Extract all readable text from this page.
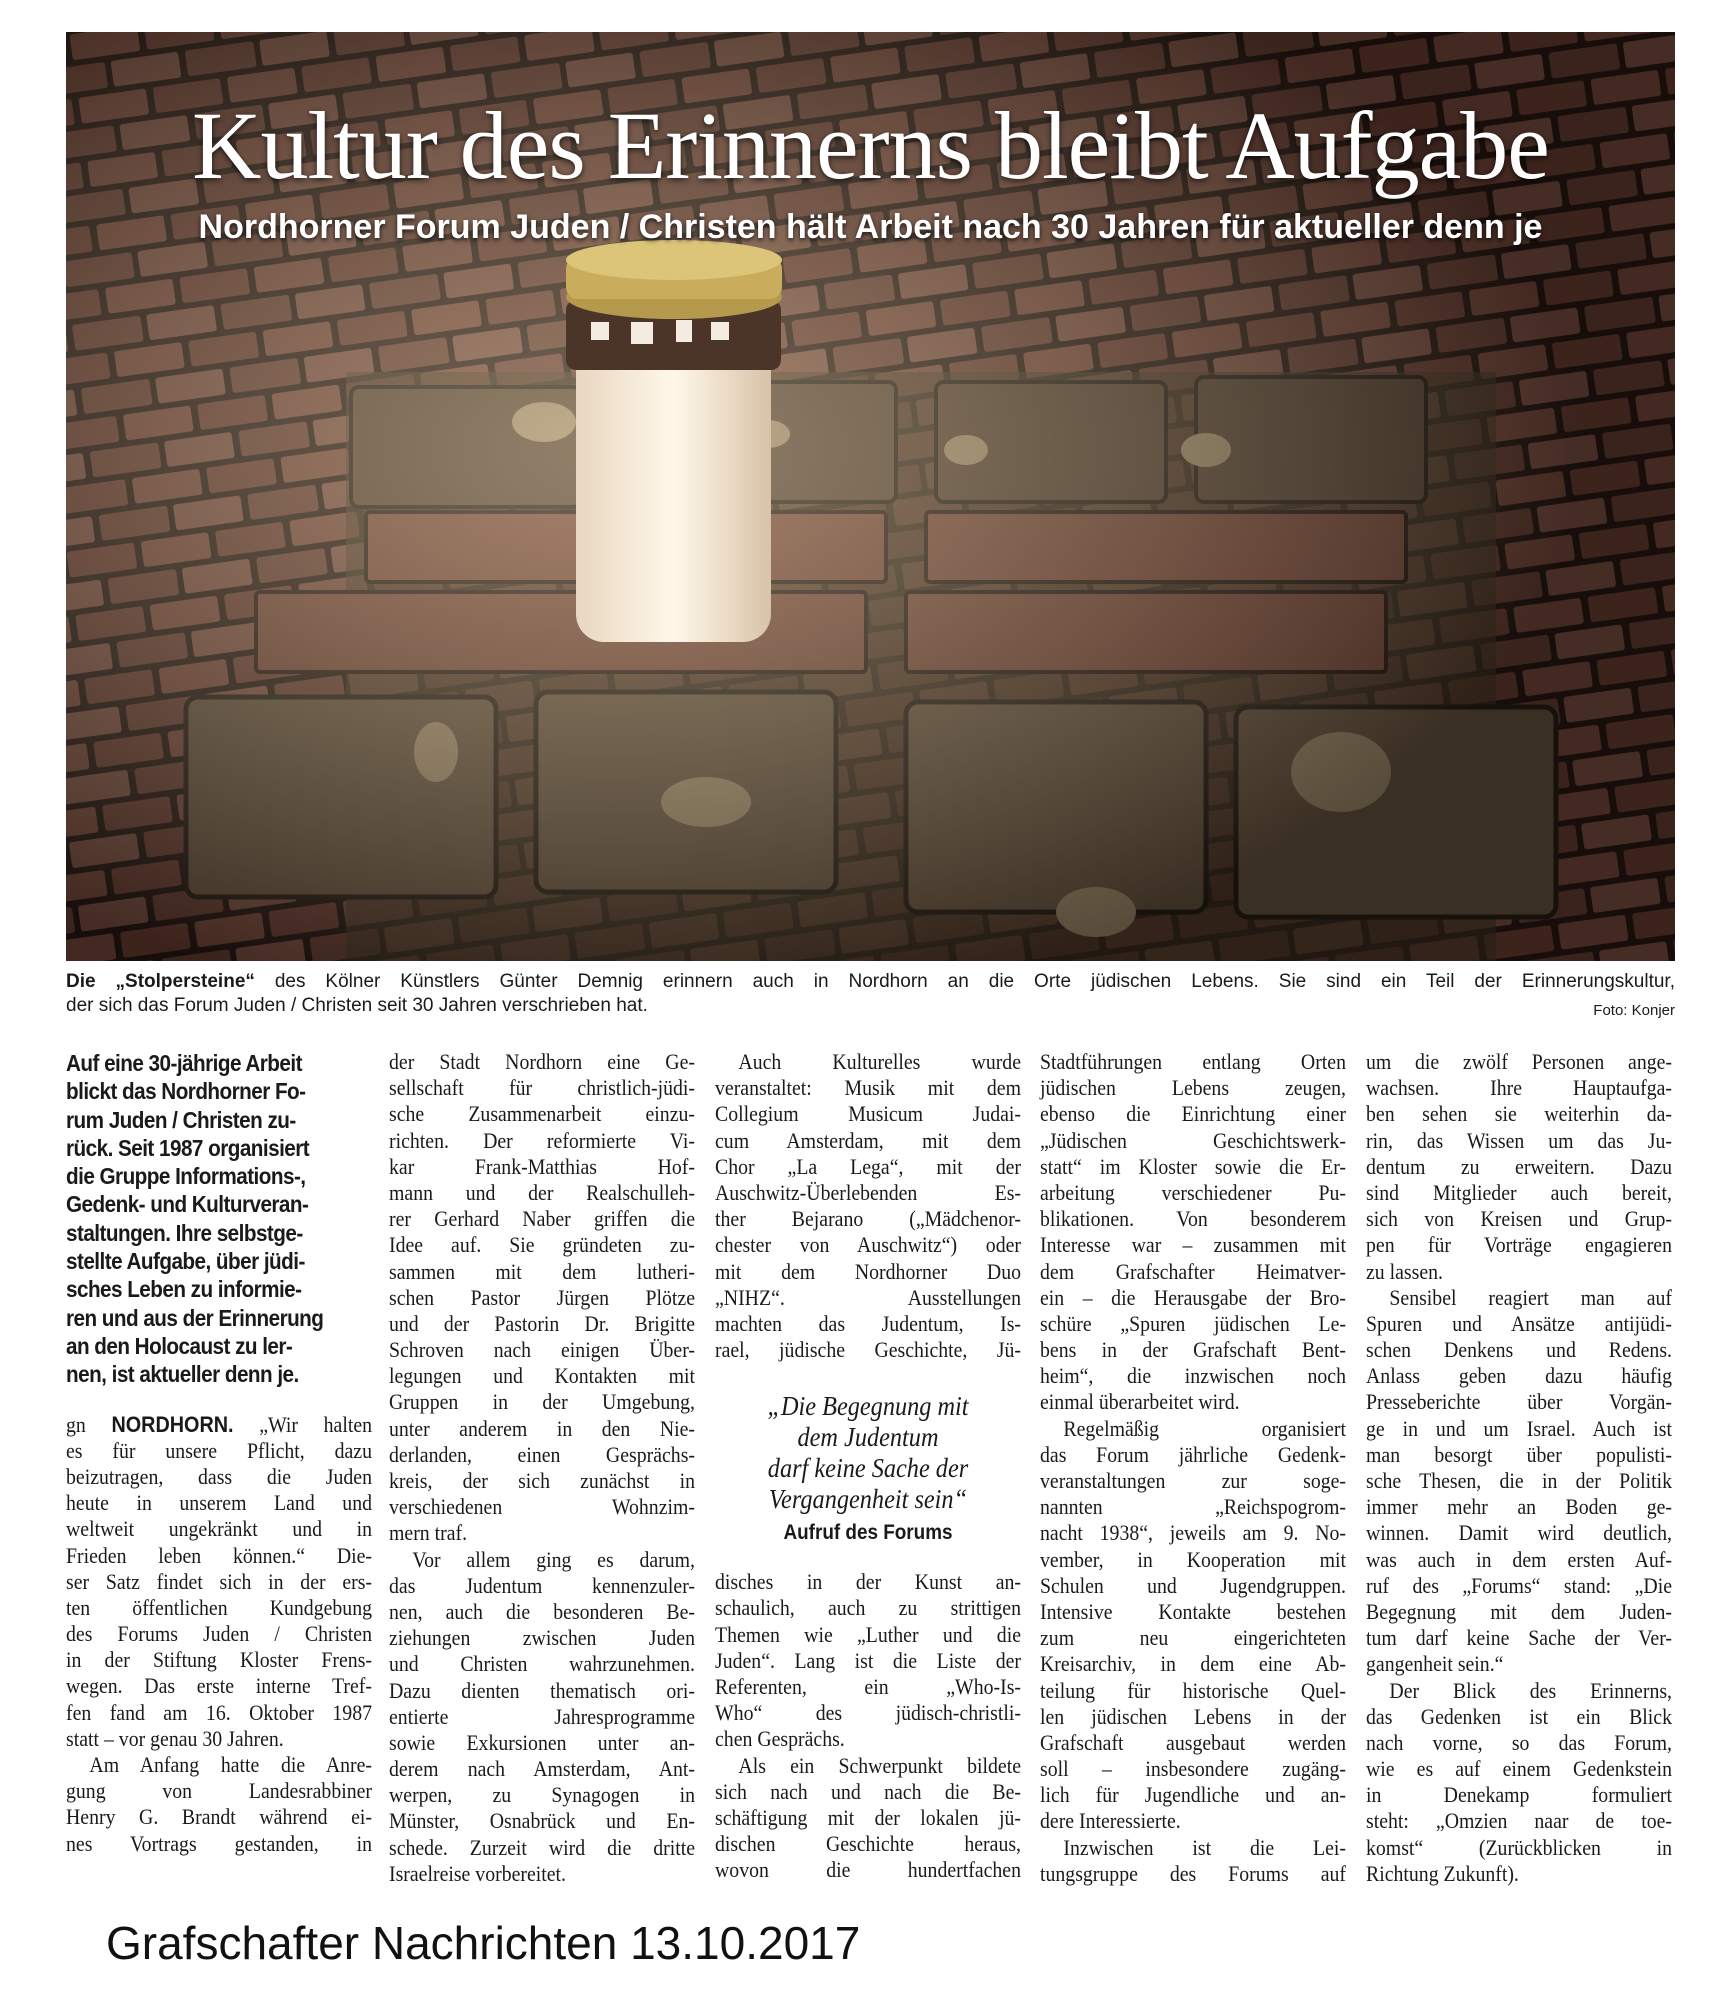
Kultur des Erinnerns bleibt Aufgabe
Nordhorner Forum Juden / Christen hält Arbeit nach 30 Jahren für aktueller denn je
Die „Stolpersteine“ des Kölner Künstlers Günter Demnig erinnern auch in Nordhorn an die Orte jüdischen Lebens. Sie sind ein Teil der Erinnerungskultur,
der sich das Forum Juden / Christen seit 30 Jahren verschrieben hat.	Foto: Konjer
Auf eine 30-jährige Arbeit
blickt das Nordhorner Fo-
rum Juden / Christen zu-
rück. Seit 1987 organisiert
die Gruppe Informations-,
Gedenk- und Kulturveran-
staltungen. Ihre selbstge-
stellte Aufgabe, über jüdi-
sches Leben zu informie-
ren und aus der Erinnerung
an den Holocaust zu ler-
nen, ist aktueller denn je.
gn NORDHORN. „Wir halten
es für unsere Pflicht, dazu
beizutragen, dass die Juden
heute in unserem Land und
weltweit ungekränkt und in
Frieden leben können.“ Die-
ser Satz findet sich in der ers-
ten öffentlichen Kundgebung
des Forums Juden / Christen
in der Stiftung Kloster Frens-
wegen. Das erste interne Tref-
fen fand am 16. Oktober 1987
statt – vor genau 30 Jahren.
Am Anfang hatte die Anre-
gung von Landesrabbiner
Henry G. Brandt während ei-
nes Vortrags gestanden, in
der Stadt Nordhorn eine Ge-
sellschaft für christlich-jüdi-
sche Zusammenarbeit einzu-
richten. Der reformierte Vi-
kar Frank-Matthias Hof-
mann und der Realschulleh-
rer Gerhard Naber griffen die
Idee auf. Sie gründeten zu-
sammen mit dem lutheri-
schen Pastor Jürgen Plötze
und der Pastorin Dr. Brigitte
Schroven nach einigen Über-
legungen und Kontakten mit
Gruppen in der Umgebung,
unter anderem in den Nie-
derlanden, einen Gesprächs-
kreis, der sich zunächst in
verschiedenen Wohnzim-
mern traf.
Vor allem ging es darum,
das Judentum kennenzuler-
nen, auch die besonderen Be-
ziehungen zwischen Juden
und Christen wahrzunehmen.
Dazu dienten thematisch ori-
entierte Jahresprogramme
sowie Exkursionen unter an-
derem nach Amsterdam, Ant-
werpen, zu Synagogen in
Münster, Osnabrück und En-
schede. Zurzeit wird die dritte
Israelreise vorbereitet.
Auch Kulturelles wurde
veranstaltet: Musik mit dem
Collegium Musicum Judai-
cum Amsterdam, mit dem
Chor „La Lega“, mit der
Auschwitz-Überlebenden Es-
ther Bejarano („Mädchenor-
chester von Auschwitz“) oder
mit dem Nordhorner Duo
„NIHZ“. Ausstellungen
machten das Judentum, Is-
rael, jüdische Geschichte, Jü-
„Die Begegnung mit
dem Judentum
darf keine Sache der
Vergangenheit sein“
Aufruf des Forums
disches in der Kunst an-
schaulich, auch zu strittigen
Themen wie „Luther und die
Juden“. Lang ist die Liste der
Referenten, ein „Who-Is-
Who“ des jüdisch-christli-
chen Gesprächs.
Als ein Schwerpunkt bildete
sich nach und nach die Be-
schäftigung mit der lokalen jü-
dischen Geschichte heraus,
wovon die hundertfachen
Stadtführungen entlang Orten
jüdischen Lebens zeugen,
ebenso die Einrichtung einer
„Jüdischen Geschichtswerk-
statt“ im Kloster sowie die Er-
arbeitung verschiedener Pu-
blikationen. Von besonderem
Interesse war – zusammen mit
dem Grafschafter Heimatver-
ein – die Herausgabe der Bro-
schüre „Spuren jüdischen Le-
bens in der Grafschaft Bent-
heim“, die inzwischen noch
einmal überarbeitet wird.
Regelmäßig organisiert
das Forum jährliche Gedenk-
veranstaltungen zur soge-
nannten „Reichspogrom-
nacht 1938“, jeweils am 9. No-
vember, in Kooperation mit
Schulen und Jugendgruppen.
Intensive Kontakte bestehen
zum neu eingerichteten
Kreisarchiv, in dem eine Ab-
teilung für historische Quel-
len jüdischen Lebens in der
Grafschaft ausgebaut werden
soll – insbesondere zugäng-
lich für Jugendliche und an-
dere Interessierte.
Inzwischen ist die Lei-
tungsgruppe des Forums auf
um die zwölf Personen ange-
wachsen. Ihre Hauptaufga-
ben sehen sie weiterhin da-
rin, das Wissen um das Ju-
dentum zu erweitern. Dazu
sind Mitglieder auch bereit,
sich von Kreisen und Grup-
pen für Vorträge engagieren
zu lassen.
Sensibel reagiert man auf
Spuren und Ansätze antijüdi-
schen Denkens und Redens.
Anlass geben dazu häufig
Presseberichte über Vorgän-
ge in und um Israel. Auch ist
man besorgt über populisti-
sche Thesen, die in der Politik
immer mehr an Boden ge-
winnen. Damit wird deutlich,
was auch in dem ersten Auf-
ruf des „Forums“ stand: „Die
Begegnung mit dem Juden-
tum darf keine Sache der Ver-
gangenheit sein.“
Der Blick des Erinnerns,
das Gedenken ist ein Blick
nach vorne, so das Forum,
wie es auf einem Gedenkstein
in Denekamp formuliert
steht: „Omzien naar de toe-
komst“ (Zurückblicken in
Richtung Zukunft).
Grafschafter Nachrichten 13.10.2017
